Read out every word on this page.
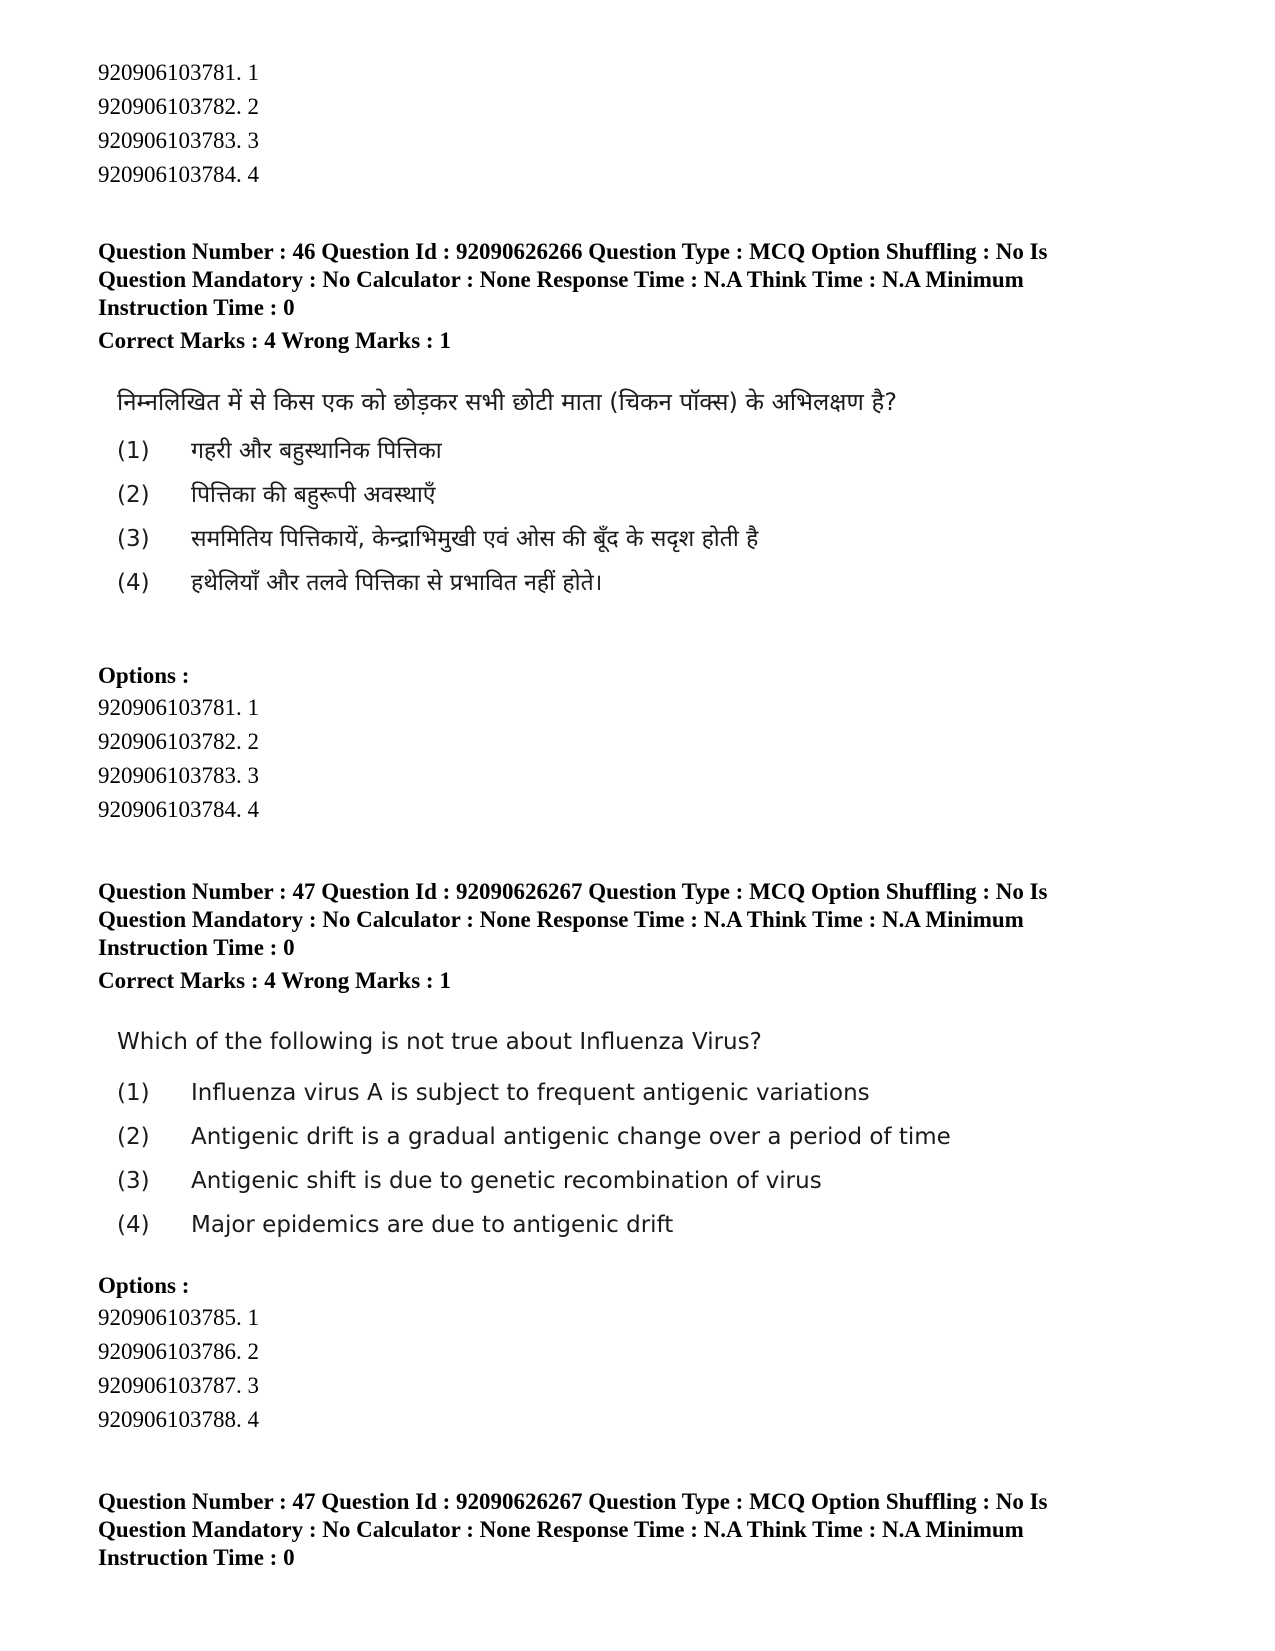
920906103781. 1
920906103782. 2
920906103783. 3
920906103784. 4
Question Number : 46 Question Id : 92090626266 Question Type : MCQ Option Shuffling : No Is
Question Mandatory : No Calculator : None Response Time : N.A Think Time : N.A Minimum
Instruction Time : 0
Correct Marks : 4 Wrong Marks : 1
निम्नलिखित में से किस एक को छोड़कर सभी छोटी माता (चिकन पॉक्स) के अभिलक्षण है?
(1)	गहरी और बहुस्थानिक पित्तिका
(2)	पित्तिका की बहुरूपी अवस्थाएँ
(3)	सममितिय पित्तिकायें, केन्द्राभिमुखी एवं ओस की बूँद के सदृश होती है
(4)	हथेलियाँ और तलवे पित्तिका से प्रभावित नहीं होते।
Options :
920906103781. 1
920906103782. 2
920906103783. 3
920906103784. 4
Question Number : 47 Question Id : 92090626267 Question Type : MCQ Option Shuffling : No Is
Question Mandatory : No Calculator : None Response Time : N.A Think Time : N.A Minimum
Instruction Time : 0
Correct Marks : 4 Wrong Marks : 1
Which of the following is not true about Influenza Virus?
(1)	Influenza virus A is subject to frequent antigenic variations
(2)	Antigenic drift is a gradual antigenic change over a period of time
(3)	Antigenic shift is due to genetic recombination of virus
(4)	Major epidemics are due to antigenic drift
Options :
920906103785. 1
920906103786. 2
920906103787. 3
920906103788. 4
Question Number : 47 Question Id : 92090626267 Question Type : MCQ Option Shuffling : No Is
Question Mandatory : No Calculator : None Response Time : N.A Think Time : N.A Minimum
Instruction Time : 0
